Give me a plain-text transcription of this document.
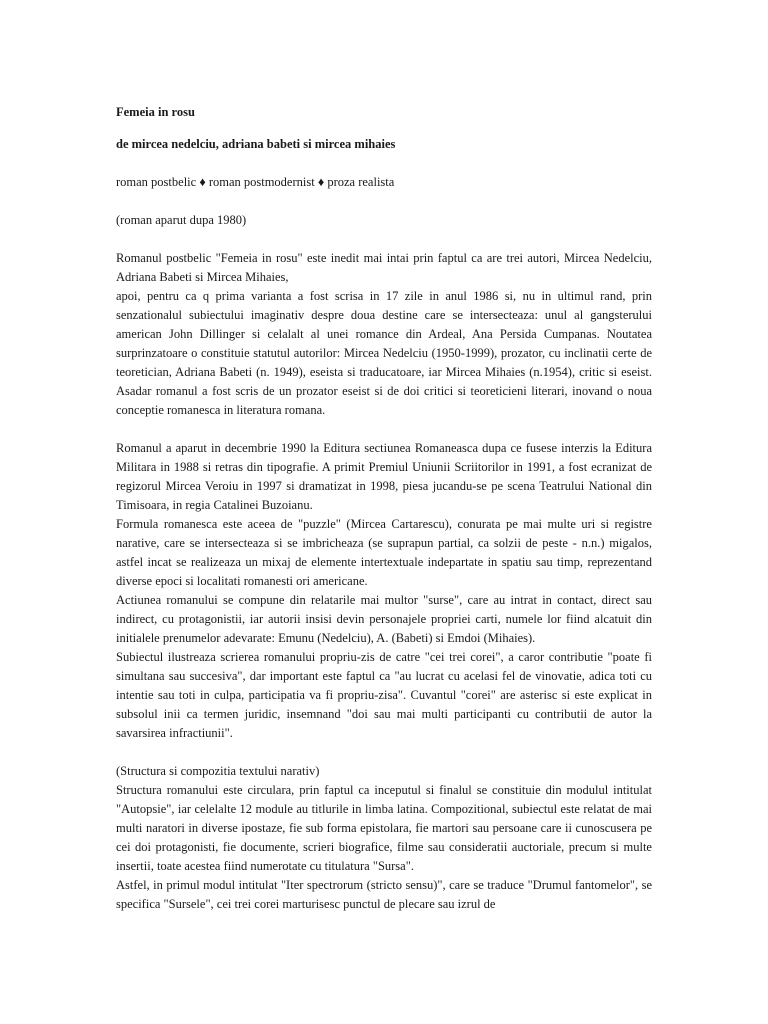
Femeia in rosu

de mircea nedelciu, adriana babeti si mircea mihaies

roman postbelic ♦ roman postmodernist ♦ proza realista

(roman aparut dupa 1980)

Romanul postbelic "Femeia in rosu" este inedit mai intai prin faptul ca are trei autori, Mircea Nedelciu, Adriana Babeti si Mircea Mihaies,

apoi, pentru ca q prima varianta a fost scrisa in 17 zile in anul 1986 si, nu in ultimul rand, prin senzationalul subiectului imaginativ despre doua destine care se intersecteaza: unul al gangsterului american John Dillinger si celalalt al unei romance din Ardeal, Ana Persida Cumpanas. Noutatea surprinzatoare o constituie statutul autorilor: Mircea Nedelciu (1950-1999), prozator, cu inclinatii certe de teoretician, Adriana Babeti (n. 1949), eseista si traducatoare, iar Mircea Mihaies (n.1954), critic si eseist. Asadar romanul a fost scris de un prozator eseist si de doi critici si teoreticieni literari, inovand o noua conceptie romanesca in literatura romana.

Romanul a aparut in decembrie 1990 la Editura sectiunea Romaneasca dupa ce fusese interzis la Editura Militara in 1988 si retras din tipografie. A primit Premiul Uniunii Scriitorilor in 1991, a fost ecranizat de regizorul Mircea Veroiu in 1997 si dramatizat in 1998, piesa jucandu-se pe scena Teatrului National din Timisoara, in regia Catalinei Buzoianu.

Formula romanesca este aceea de "puzzle" (Mircea Cartarescu), conurata pe mai multe uri si registre narative, care se intersecteaza si se imbricheaza (se suprapun partial, ca solzii de peste - n.n.) migalos, astfel incat se realizeaza un mixaj de elemente intertextuale indepartate in spatiu sau timp, reprezentand diverse epoci si localitati romanesti ori americane.

Actiunea romanului se compune din relatarile mai multor "surse", care au intrat in contact, direct sau indirect, cu protagonistii, iar autorii insisi devin personajele propriei carti, numele lor fiind alcatuit din initialele prenumelor adevarate: Emunu (Nedelciu), A. (Babeti) si Emdoi (Mihaies).

Subiectul ilustreaza scrierea romanului propriu-zis de catre "cei trei corei", a caror contributie "poate fi simultana sau succesiva", dar important este faptul ca "au lucrat cu acelasi fel de vinovatie, adica toti cu intentie sau toti in culpa, participatia va fi propriu-zisa". Cuvantul "corei" are asterisc si este explicat in subsolul inii ca termen juridic, insemnand "doi sau mai multi participanti cu contributii de autor la savarsirea infractiunii".

(Structura si compozitia textului narativ)

Structura romanului este circulara, prin faptul ca inceputul si finalul se constituie din modulul intitulat "Autopsie", iar celelalte 12 module au titlurile in limba latina. Compozitional, subiectul este relatat de mai multi naratori in diverse ipostaze, fie sub forma epistolara, fie martori sau persoane care ii cunoscusera pe cei doi protagonisti, fie documente, scrieri biografice, filme sau consideratii auctoriale, precum si multe insertii, toate acestea fiind numerotate cu titulatura "Sursa".

Astfel, in primul modul intitulat "Iter spectrorum (stricto sensu)", care se traduce "Drumul fantomelor", se specifica "Sursele", cei trei corei marturisesc punctul de plecare sau izrul de
